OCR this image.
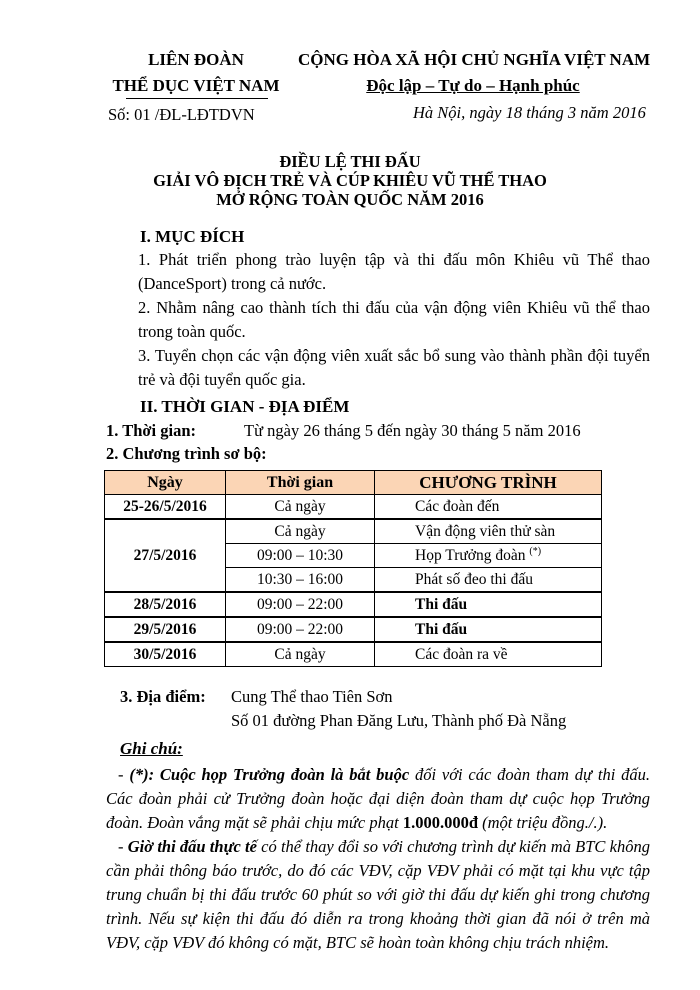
LIÊN ĐOÀN
THỂ DỤC VIỆT NAM
Số: 01 /ĐL-LĐTDVN
CỘNG HÒA XÃ HỘI CHỦ NGHĨA VIỆT NAM
Độc lập – Tự do – Hạnh phúc
Hà Nội, ngày 18 tháng 3 năm 2016
ĐIỀU LỆ THI ĐẤU
GIẢI VÔ ĐỊCH TRẺ VÀ CÚP KHIÊU VŨ THỂ THAO
MỞ RỘNG TOÀN QUỐC NĂM 2016
I. MỤC ĐÍCH
1. Phát triển phong trào luyện tập và thi đấu môn Khiêu vũ Thể thao (DanceSport) trong cả nước.
2. Nhằm nâng cao thành tích thi đấu của vận động viên Khiêu vũ thể thao trong toàn quốc.
3. Tuyển chọn các vận động viên xuất sắc bổ sung vào thành phần đội tuyển trẻ và đội tuyển quốc gia.
II. THỜI GIAN - ĐỊA ĐIỂM
1. Thời gian:	Từ ngày 26 tháng 5 đến ngày 30 tháng 5 năm 2016
2. Chương trình sơ bộ:
Ngày	Thời gian	CHƯƠNG TRÌNH
25-26/5/2016	Cả ngày	Các đoàn đến
27/5/2016	Cả ngày	Vận động viên thử sàn
	09:00 – 10:30	Họp Trưởng đoàn (*)
	10:30 – 16:00	Phát số đeo thi đấu
28/5/2016	09:00 – 22:00	Thi đấu
29/5/2016	09:00 – 22:00	Thi đấu
30/5/2016	Cả ngày	Các đoàn ra về
3. Địa điểm: Cung Thể thao Tiên Sơn
Số 01 đường Phan Đăng Lưu, Thành phố Đà Nẵng
Ghi chú:
- (*): Cuộc họp Trưởng đoàn là bắt buộc đối với các đoàn tham dự thi đấu. Các đoàn phải cử Trưởng đoàn hoặc đại diện đoàn tham dự cuộc họp Trưởng đoàn. Đoàn vắng mặt sẽ phải chịu mức phạt 1.000.000đ (một triệu đồng./.).
- Giờ thi đấu thực tế có thể thay đổi so với chương trình dự kiến mà BTC không cần phải thông báo trước, do đó các VĐV, cặp VĐV phải có mặt tại khu vực tập trung chuẩn bị thi đấu trước 60 phút so với giờ thi đấu dự kiến ghi trong chương trình. Nếu sự kiện thi đấu đó diễn ra trong khoảng thời gian đã nói ở trên mà VĐV, cặp VĐV đó không có mặt, BTC sẽ hoàn toàn không chịu trách nhiệm.
